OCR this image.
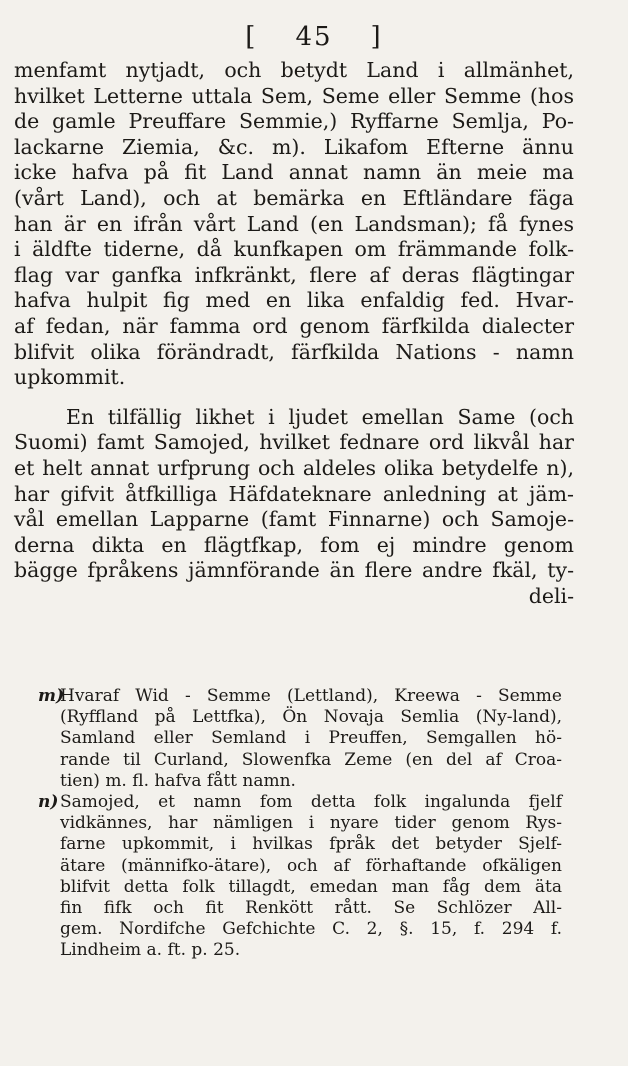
[ 45 ]
menfamt nytjadt, och betydt Land i allmänhet,
hvilket Letterne uttala Sem, Seme eller Semme (hos
de gamle Preuffare Semmie,) Ryffarne Semlja, Po-
lackarne Ziemia, &c. m). Likafom Efterne ännu
icke hafva på fit Land annat namn än meie ma
(vårt Land), och at bemärka en Eftländare fäga
han är en ifrån vårt Land (en Landsman); få fynes
i äldfte tiderne, då kunfkapen om främmande folk-
flag var ganfka infkränkt, flere af deras flägtingar
hafva hulpit fig med en lika enfaldig fed. Hvar-
af fedan, när famma ord genom färfkilda dialecter
blifvit olika förändradt, färfkilda Nations - namn
upkommit.
En tilfällig likhet i ljudet emellan Same (och
Suomi) famt Samojed, hvilket fednare ord likvål har
et helt annat urfprung och aldeles olika betydelfe n),
har gifvit åtfkilliga Häfdateknare anledning at jäm-
vål emellan Lapparne (famt Finnarne) och Samoje-
derna dikta en flägtfkap, fom ej mindre genom
bägge fpråkens jämnförande än flere andre fkäl, ty-
deli-
m)Hvaraf Wid - Semme (Lettland), Kreewa - Semme
(Ryffland på Lettfka), Ön Novaja Semlia (Ny-land),
Samland eller Semland i Preuffen, Semgallen hö-
rande til Curland, Slowenfka Zeme (en del af Croa-
tien) m. fl. hafva fått namn.
n)Samojed, et namn fom detta folk ingalunda fjelf
vidkännes, har nämligen i nyare tider genom Rys-
farne upkommit, i hvilkas fpråk det betyder Sjelf-
ätare (männifko-ätare), och af förhaftande ofkäligen
blifvit detta folk tillagdt, emedan man fåg dem äta
fin fifk och fit Renkött rått. Se Schlözer All-
gem. Nordifche Gefchichte C. 2, §. 15, f. 294 f.
Lindheim a. ft. p. 25.
